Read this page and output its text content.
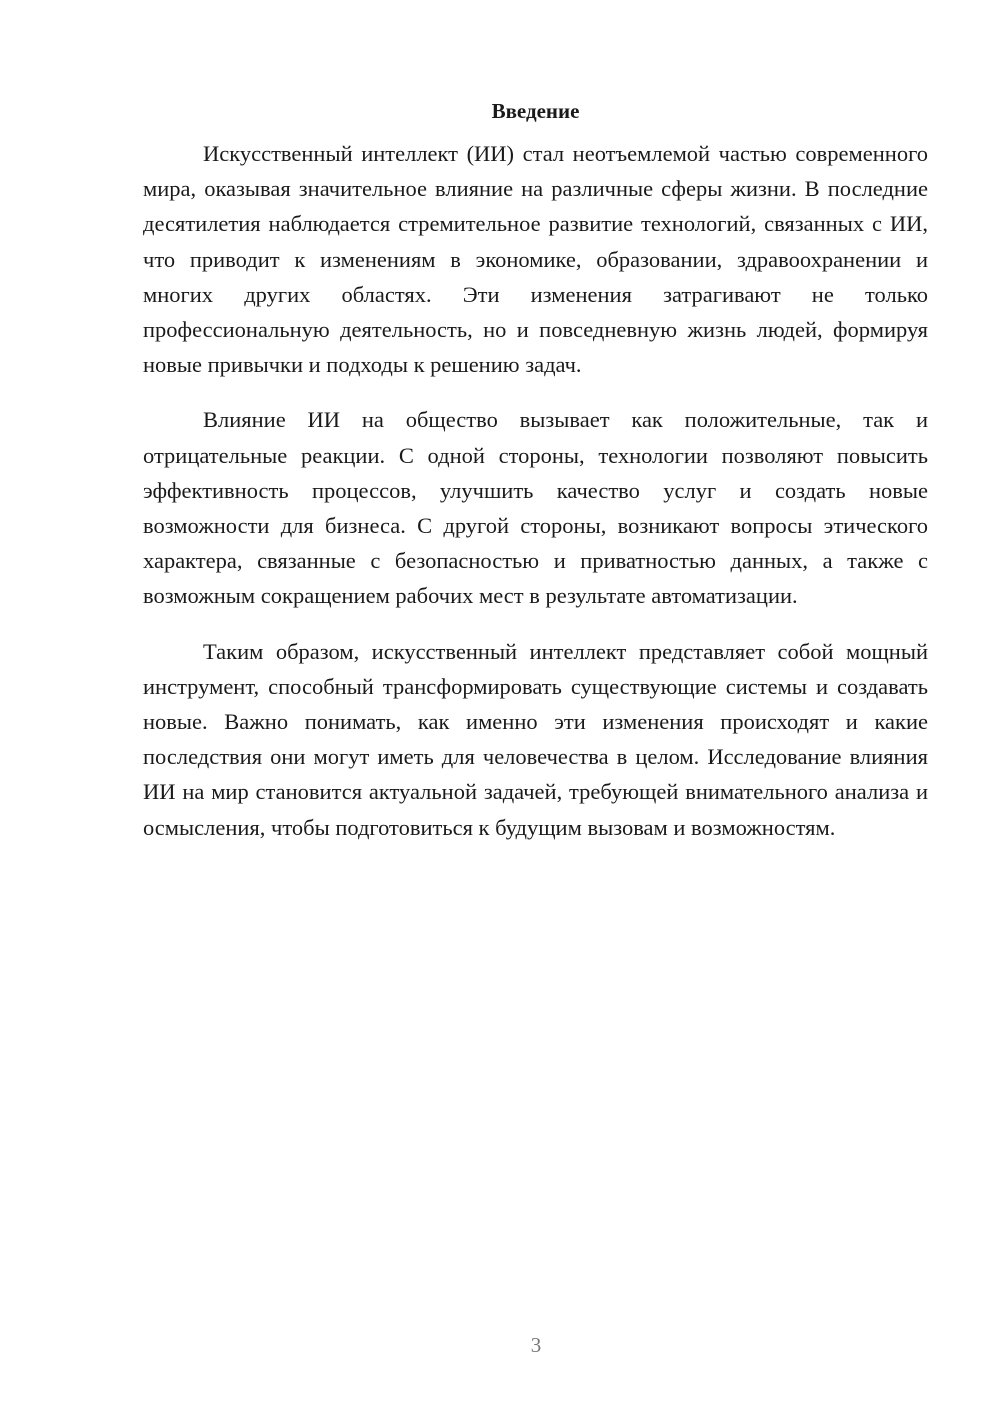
Введение

Искусственный интеллект (ИИ) стал неотъемлемой частью современного мира, оказывая значительное влияние на различные сферы жизни. В последние десятилетия наблюдается стремительное развитие технологий, связанных с ИИ, что приводит к изменениям в экономике, образовании, здравоохранении и многих других областях. Эти изменения затрагивают не только профессиональную деятельность, но и повседневную жизнь людей, формируя новые привычки и подходы к решению задач.

Влияние ИИ на общество вызывает как положительные, так и отрицательные реакции. С одной стороны, технологии позволяют повысить эффективность процессов, улучшить качество услуг и создать новые возможности для бизнеса. С другой стороны, возникают вопросы этического характера, связанные с безопасностью и приватностью данных, а также с возможным сокращением рабочих мест в результате автоматизации.

Таким образом, искусственный интеллект представляет собой мощный инструмент, способный трансформировать существующие системы и создавать новые. Важно понимать, как именно эти изменения происходят и какие последствия они могут иметь для человечества в целом. Исследование влияния ИИ на мир становится актуальной задачей, требующей внимательного анализа и осмысления, чтобы подготовиться к будущим вызовам и возможностям.

3
